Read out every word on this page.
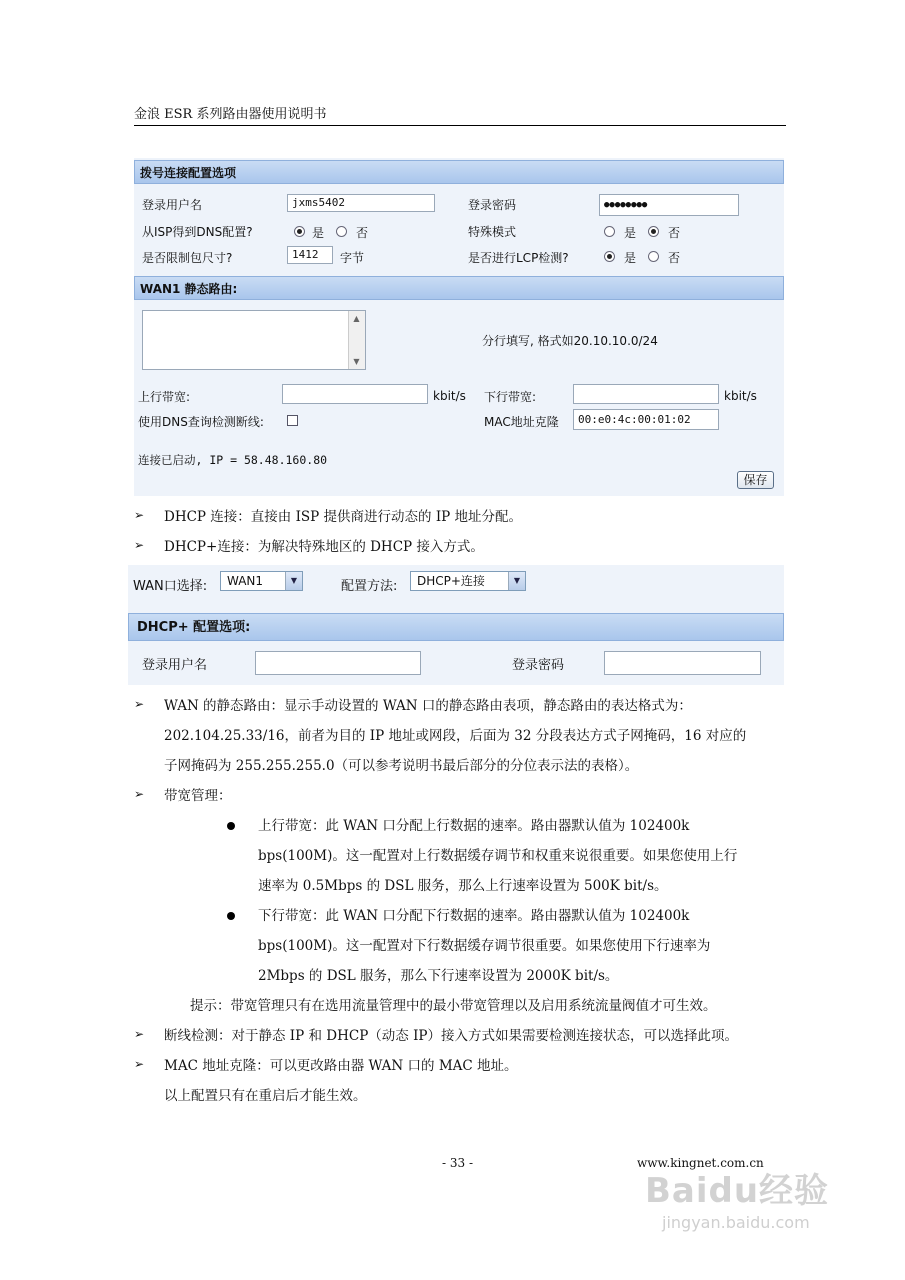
金浪 ESR 系列路由器使用说明书
拨号连接配置选项
登录用户名	jxms5402	登录密码	●●●●●●●●
从ISP得到DNS配置?	是	否	特殊模式	是	否
是否限制包尺寸?	1412	字节	是否进行LCP检测?	是	否
WAN1 静态路由:
▲
▼
分行填写, 格式如20.10.10.0/24
上行带宽:	kbit/s 下行带宽:	kbit/s
使用DNS查询检测断线:	MAC地址克隆	00:e0:4c:00:01:02
连接已启动, IP = 58.48.160.80
保存
➢ DHCP 连接：直接由 ISP 提供商进行动态的 IP 地址分配。
➢ DHCP+连接：为解决特殊地区的 DHCP 接入方式。
WAN口选择:	WAN1	▼	配置方法:	DHCP+连接	▼
DHCP+ 配置选项:
登录用户名	登录密码
➢ WAN 的静态路由：显示手动设置的 WAN 口的静态路由表项，静态路由的表达格式为：
202.104.25.33/16，前者为目的 IP 地址或网段，后面为 32 分段表达方式子网掩码，16 对应的
子网掩码为 255.255.255.0（可以参考说明书最后部分的分位表示法的表格）。
➢ 带宽管理：
上行带宽：此 WAN 口分配上行数据的速率。路由器默认值为 102400k
bps(100M)。这一配置对上行数据缓存调节和权重来说很重要。如果您使用上行
速率为 0.5Mbps 的 DSL 服务，那么上行速率设置为 500K bit/s。
下行带宽：此 WAN 口分配下行数据的速率。路由器默认值为 102400k
bps(100M)。这一配置对下行数据缓存调节很重要。如果您使用下行速率为
2Mbps 的 DSL 服务，那么下行速率设置为 2000K bit/s。
提示：带宽管理只有在选用流量管理中的最小带宽管理以及启用系统流量阀值才可生效。
➢ 断线检测：对于静态 IP 和 DHCP（动态 IP）接入方式如果需要检测连接状态，可以选择此项。
➢ MAC 地址克隆：可以更改路由器 WAN 口的 MAC 地址。
以上配置只有在重启后才能生效。
- 33 -	www.kingnet.com.cn
Baidu经验
jingyan.baidu.com
